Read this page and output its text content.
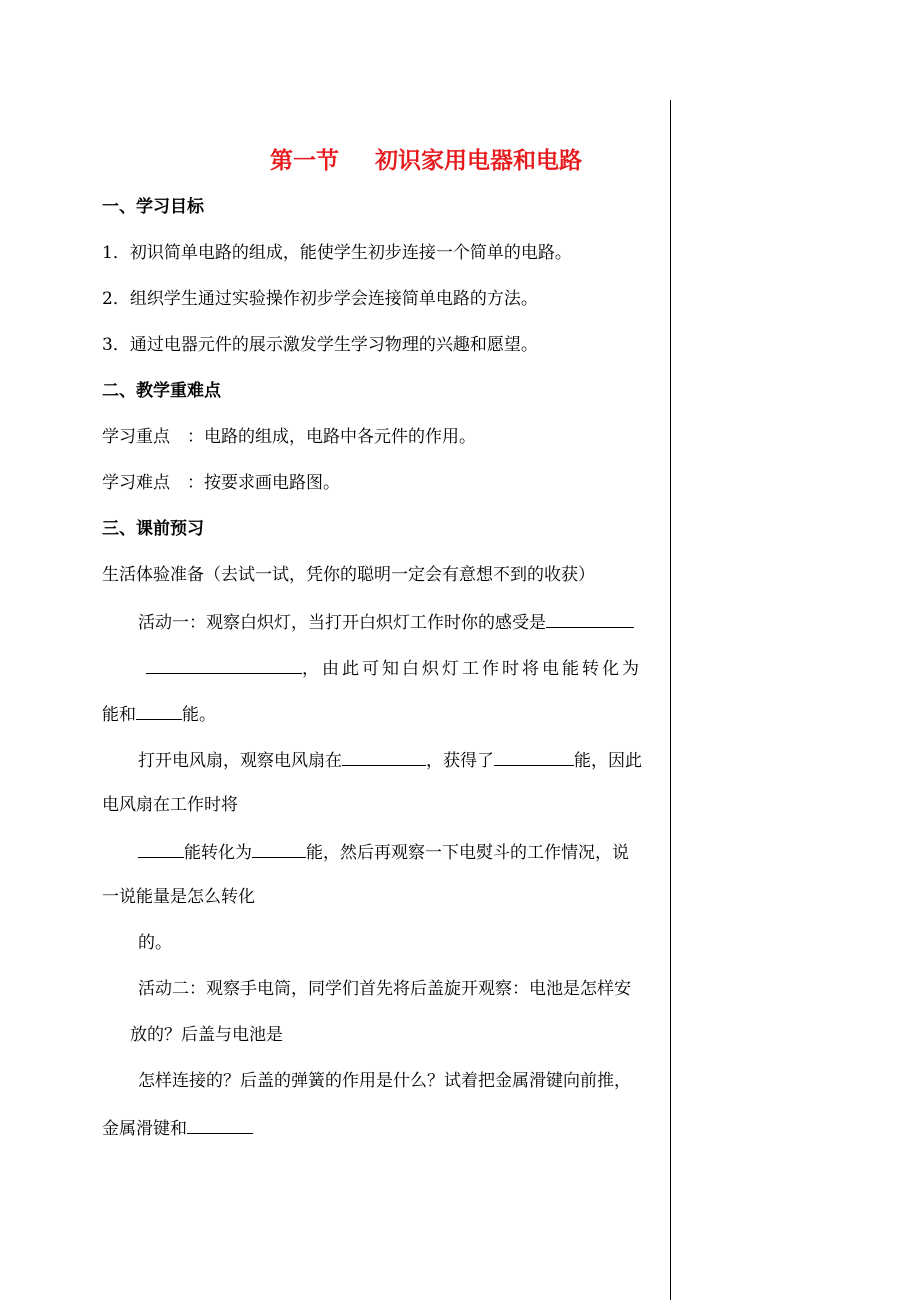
第一节 初识家用电器和电路
一、学习目标
1．初识简单电路的组成，能使学生初步连接一个简单的电路。
2．组织学生通过实验操作初步学会连接简单电路的方法。
3．通过电器元件的展示激发学生学习物理的兴趣和愿望。
二、教学重难点
学习重点　：电路的组成，电路中各元件的作用。
学习难点　：按要求画电路图。
三、课前预习
生活体验准备（去试一试，凭你的聪明一定会有意想不到的收获）
活动一：观察白炽灯，当打开白炽灯工作时你的感受是
，由此可知白炽灯工作时将电能转化为
能和	能。
打开电风扇，观察电风扇在	，获得了	能，因此
电风扇在工作时将
能转化为	能，然后再观察一下电熨斗的工作情况，说
一说能量是怎么转化
的。
活动二：观察手电筒，同学们首先将后盖旋开观察：电池是怎样安
放的？后盖与电池是
怎样连接的？后盖的弹簧的作用是什么？试着把金属滑键向前推，
金属滑键和
